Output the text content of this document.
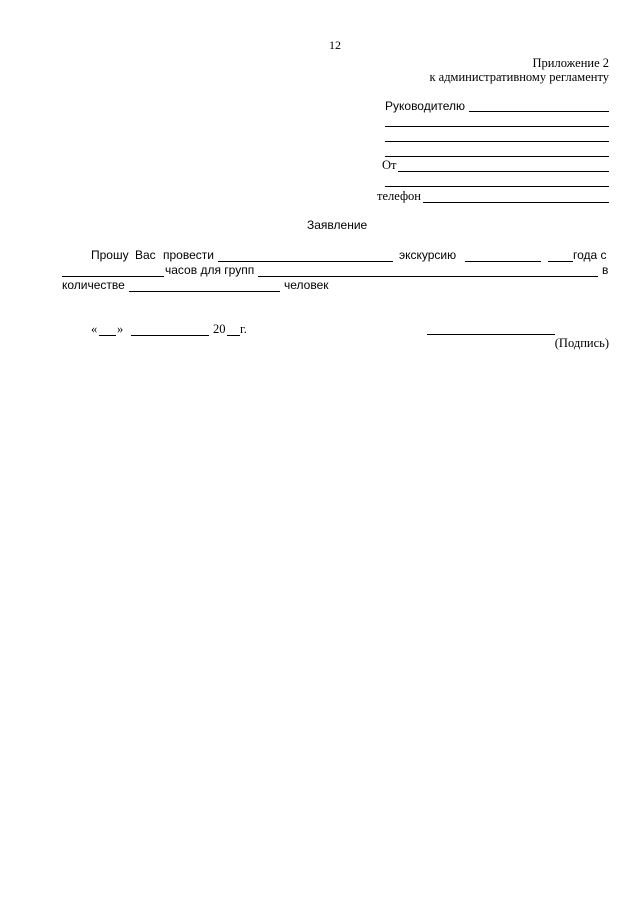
12
Приложение 2
к административному регламенту
Руководителю
От
телефон
Заявление
Прошу Вас провести	экскурсию	года с
часов для групп	в
количестве	человек
« »	20 г.
(Подпись)
